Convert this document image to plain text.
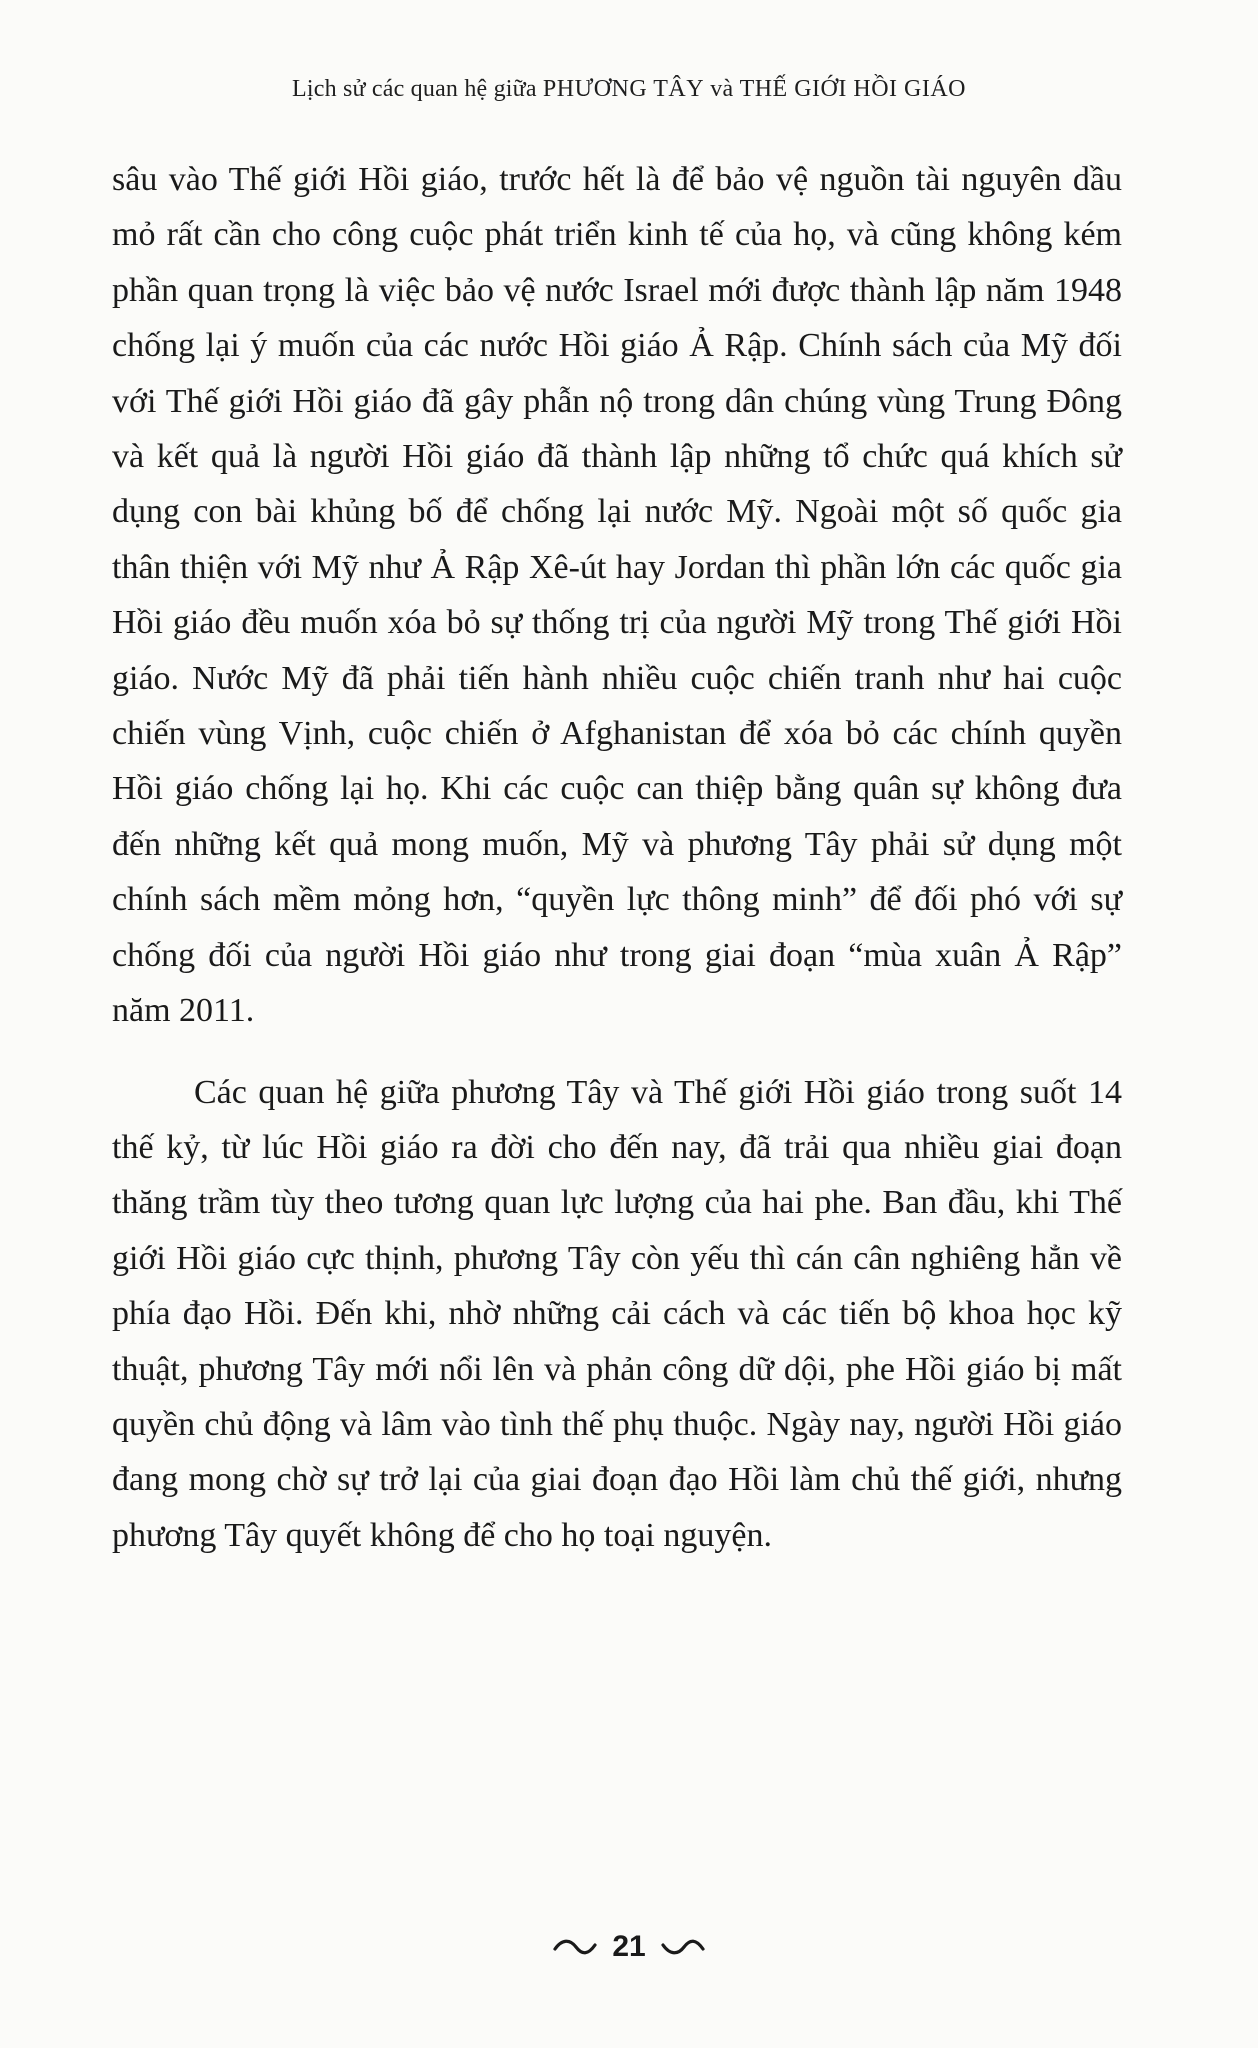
Lịch sử các quan hệ giữa PHƯƠNG TÂY và THẾ GIỚI HỒI GIÁO

sâu vào Thế giới Hồi giáo, trước hết là để bảo vệ nguồn tài nguyên dầu mỏ rất cần cho công cuộc phát triển kinh tế của họ, và cũng không kém phần quan trọng là việc bảo vệ nước Israel mới được thành lập năm 1948 chống lại ý muốn của các nước Hồi giáo Ả Rập. Chính sách của Mỹ đối với Thế giới Hồi giáo đã gây phẫn nộ trong dân chúng vùng Trung Đông và kết quả là người Hồi giáo đã thành lập những tổ chức quá khích sử dụng con bài khủng bố để chống lại nước Mỹ. Ngoài một số quốc gia thân thiện với Mỹ như Ả Rập Xê-út hay Jordan thì phần lớn các quốc gia Hồi giáo đều muốn xóa bỏ sự thống trị của người Mỹ trong Thế giới Hồi giáo. Nước Mỹ đã phải tiến hành nhiều cuộc chiến tranh như hai cuộc chiến vùng Vịnh, cuộc chiến ở Afghanistan để xóa bỏ các chính quyền Hồi giáo chống lại họ. Khi các cuộc can thiệp bằng quân sự không đưa đến những kết quả mong muốn, Mỹ và phương Tây phải sử dụng một chính sách mềm mỏng hơn, “quyền lực thông minh” để đối phó với sự chống đối của người Hồi giáo như trong giai đoạn “mùa xuân Ả Rập” năm 2011.

Các quan hệ giữa phương Tây và Thế giới Hồi giáo trong suốt 14 thế kỷ, từ lúc Hồi giáo ra đời cho đến nay, đã trải qua nhiều giai đoạn thăng trầm tùy theo tương quan lực lượng của hai phe. Ban đầu, khi Thế giới Hồi giáo cực thịnh, phương Tây còn yếu thì cán cân nghiêng hẳn về phía đạo Hồi. Đến khi, nhờ những cải cách và các tiến bộ khoa học kỹ thuật, phương Tây mới nổi lên và phản công dữ dội, phe Hồi giáo bị mất quyền chủ động và lâm vào tình thế phụ thuộc. Ngày nay, người Hồi giáo đang mong chờ sự trở lại của giai đoạn đạo Hồi làm chủ thế giới, nhưng phương Tây quyết không để cho họ toại nguyện.

21
